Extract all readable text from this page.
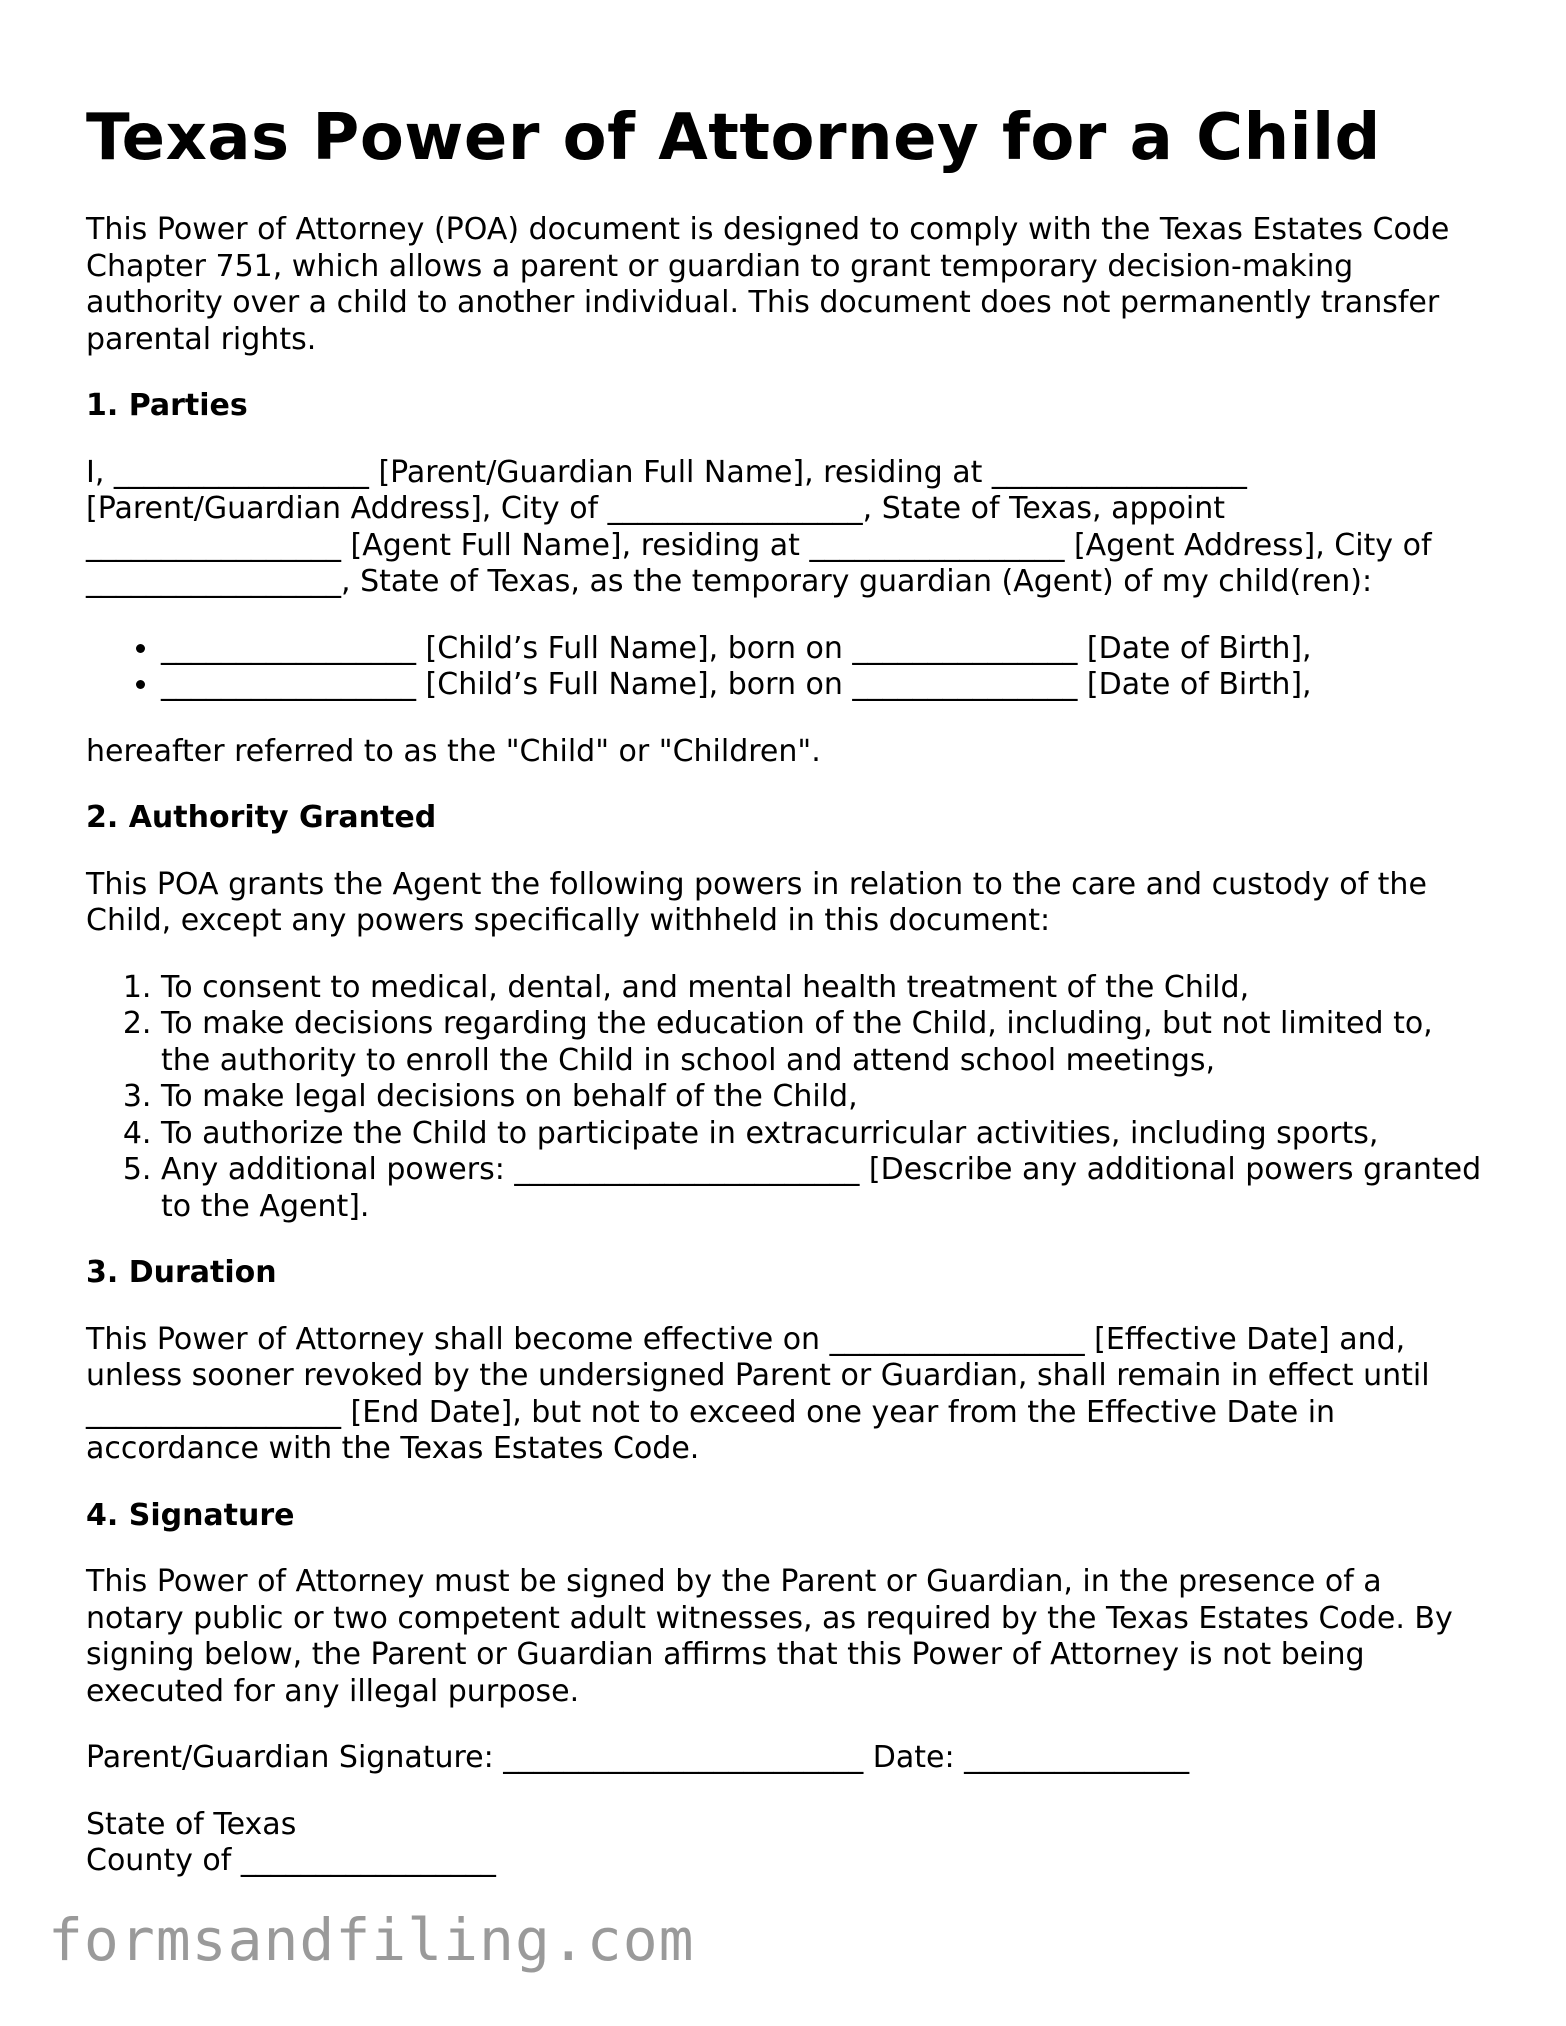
Texas Power of Attorney for a Child

This Power of Attorney (POA) document is designed to comply with the Texas Estates Code Chapter 751, which allows a parent or guardian to grant temporary decision-making authority over a child to another individual. This document does not permanently transfer parental rights.

1. Parties

I, _________________ [Parent/Guardian Full Name], residing at _________________ [Parent/Guardian Address], City of _________________, State of Texas, appoint _________________ [Agent Full Name], residing at _________________ [Agent Address], City of _________________, State of Texas, as the temporary guardian (Agent) of my child(ren):

• _________________ [Child’s Full Name], born on _______________ [Date of Birth],
• _________________ [Child’s Full Name], born on _______________ [Date of Birth],

hereafter referred to as the "Child" or "Children".

2. Authority Granted

This POA grants the Agent the following powers in relation to the care and custody of the Child, except any powers specifically withheld in this document:

1. To consent to medical, dental, and mental health treatment of the Child,
2. To make decisions regarding the education of the Child, including, but not limited to, the authority to enroll the Child in school and attend school meetings,
3. To make legal decisions on behalf of the Child,
4. To authorize the Child to participate in extracurricular activities, including sports,
5. Any additional powers: _______________________ [Describe any additional powers granted to the Agent].
3. Duration

This Power of Attorney shall become effective on _________________ [Effective Date] and, unless sooner revoked by the undersigned Parent or Guardian, shall remain in effect until _________________ [End Date], but not to exceed one year from the Effective Date in accordance with the Texas Estates Code.

4. Signature

This Power of Attorney must be signed by the Parent or Guardian, in the presence of a notary public or two competent adult witnesses, as required by the Texas Estates Code. By signing below, the Parent or Guardian affirms that this Power of Attorney is not being executed for any illegal purpose.

Parent/Guardian Signature: ________________________ Date: _______________

State of Texas

County of _________________

formsandfiling.com
